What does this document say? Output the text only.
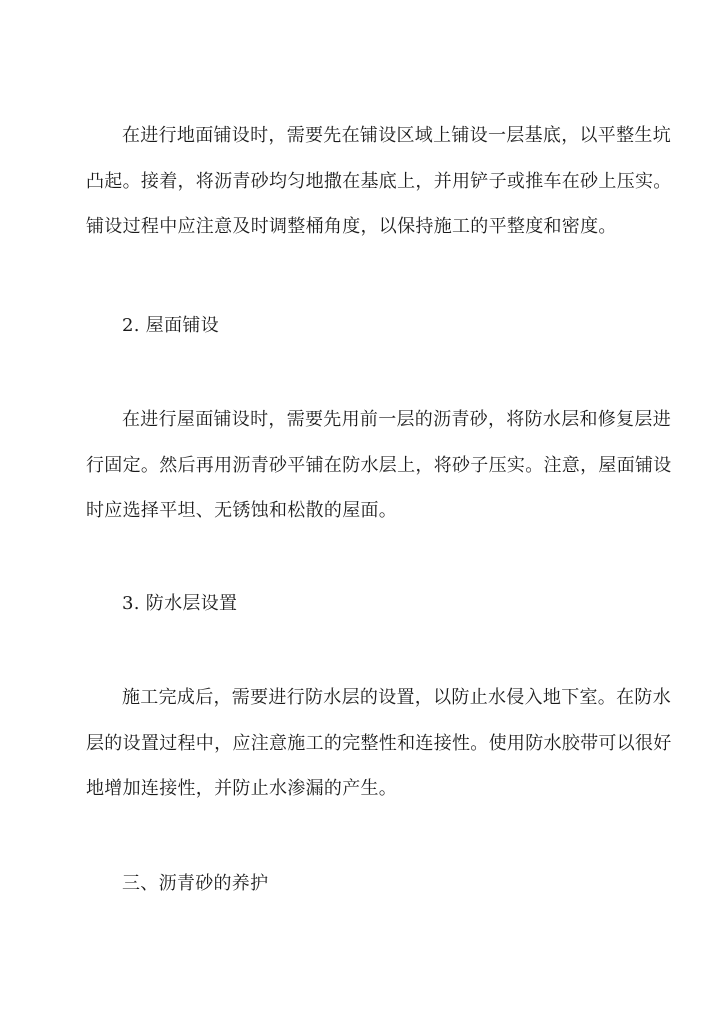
在进行地面铺设时，需要先在铺设区域上铺设一层基底，以平整生坑
凸起。接着，将沥青砂均匀地撒在基底上，并用铲子或推车在砂上压实。
铺设过程中应注意及时调整桶角度，以保持施工的平整度和密度。
2. 屋面铺设
在进行屋面铺设时，需要先用前一层的沥青砂，将防水层和修复层进
行固定。然后再用沥青砂平铺在防水层上，将砂子压实。注意，屋面铺设
时应选择平坦、无锈蚀和松散的屋面。
3. 防水层设置
施工完成后，需要进行防水层的设置，以防止水侵入地下室。在防水
层的设置过程中，应注意施工的完整性和连接性。使用防水胶带可以很好
地增加连接性，并防止水渗漏的产生。
三、沥青砂的养护
